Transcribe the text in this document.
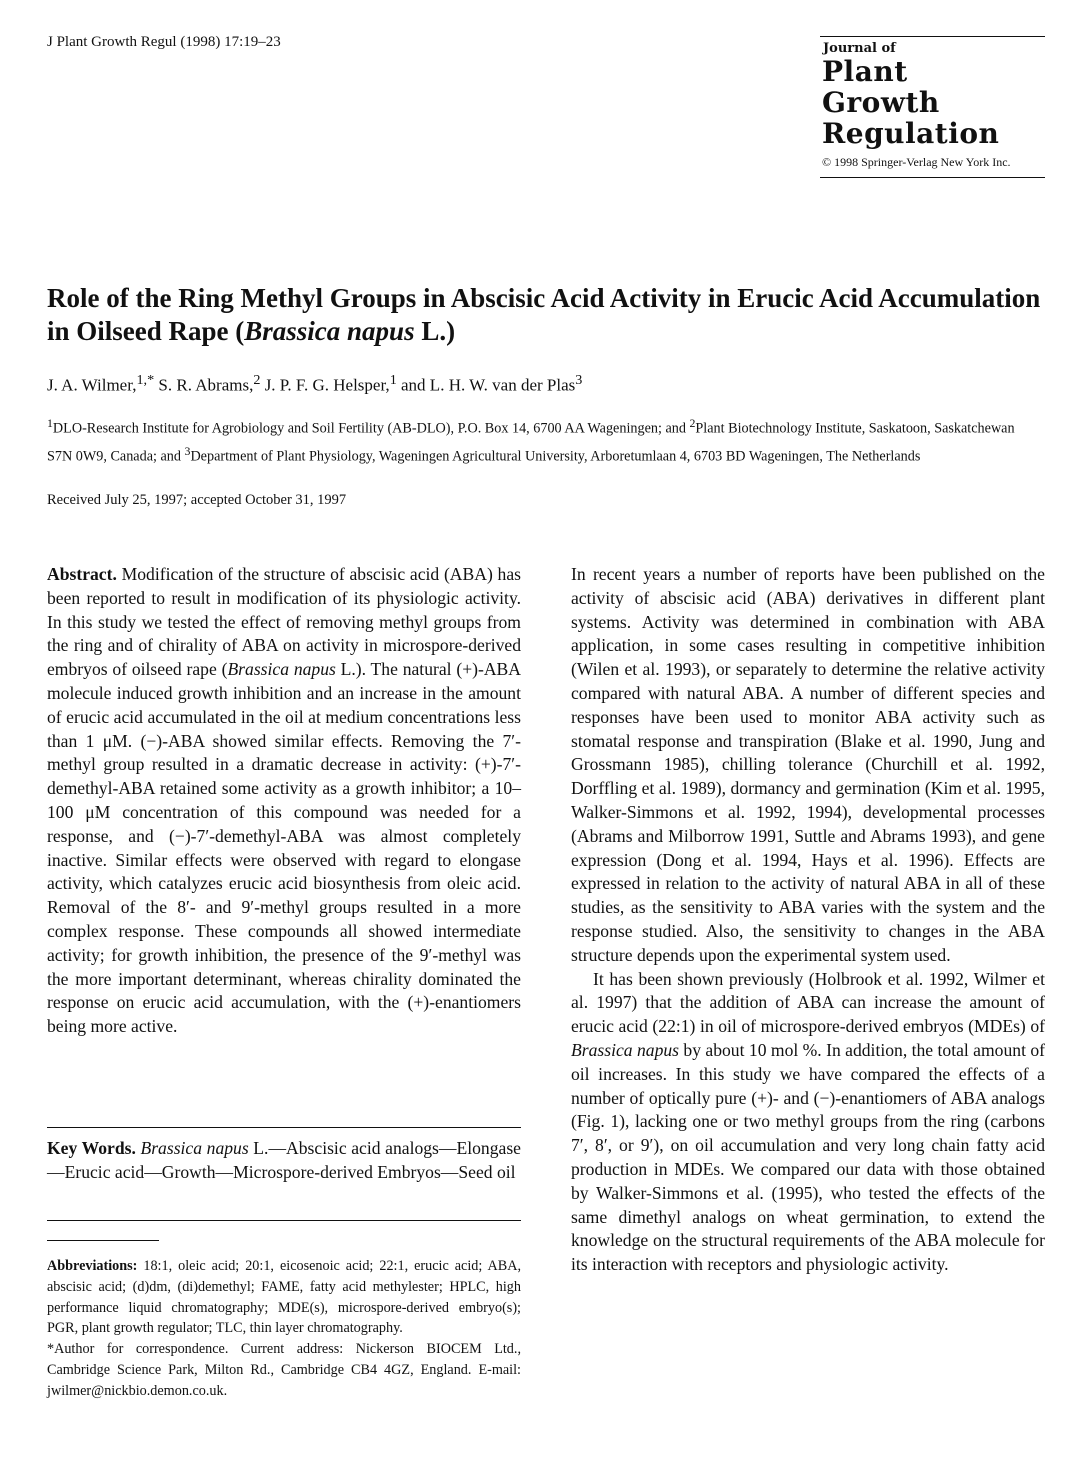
J Plant Growth Regul (1998) 17:19–23	Journal of
Plant
Growth
Regulation
© 1998 Springer-Verlag New York Inc.
Role of the Ring Methyl Groups in Abscisic Acid Activity in Erucic Acid Accumulation in Oilseed Rape (Brassica napus L.)
J. A. Wilmer,$^{1,*}$ S. R. Abrams,$^2$ J. P. F. G. Helsper,$^1$ and L. H. W. van der Plas$^3$
$^1$DLO-Research Institute for Agrobiology and Soil Fertility (AB-DLO), P.O. Box 14, 6700 AA Wageningen; and $^2$Plant Biotechnology Institute, Saskatoon, Saskatchewan S7N 0W9, Canada; and $^3$Department of Plant Physiology, Wageningen Agricultural University, Arboretumlaan 4, 6703 BD Wageningen, The Netherlands
Received July 25, 1997; accepted October 31, 1997

Abstract. Modification of the structure of abscisic acid (ABA) has been reported to result in modification of its physiologic activity. In this study we tested the effect of removing methyl groups from the ring and of chirality of ABA on activity in microspore-derived embryos of oilseed rape (Brassica napus L.). The natural (+)-ABA molecule induced growth inhibition and an increase in the amount of erucic acid accumulated in the oil at medium concentrations less than 1 μM. (−)-ABA showed similar effects. Removing the 7′-methyl group resulted in a dramatic decrease in activity: (+)-7′-demethyl-ABA retained some activity as a growth inhibitor; a 10–100 μM concentration of this compound was needed for a response, and (−)-7′-demethyl-ABA was almost completely inactive. Similar effects were observed with regard to elongase activity, which catalyzes erucic acid biosynthesis from oleic acid. Removal of the 8′- and 9′-methyl groups resulted in a more complex response. These compounds all showed intermediate activity; for growth inhibition, the presence of the 9′-methyl was the more important determinant, whereas chirality dominated the response on erucic acid accumulation, with the (+)-enantiomers being more active.

Key Words. Brassica napus L.—Abscisic acid analogs—Elongase—Erucic acid—Growth—Microspore-derived Embryos—Seed oil

Abbreviations: 18:1, oleic acid; 20:1, eicosenoic acid; 22:1, erucic acid; ABA, abscisic acid; (d)dm, (di)demethyl; FAME, fatty acid methylester; HPLC, high performance liquid chromatography; MDE(s), microspore-derived embryo(s); PGR, plant growth regulator; TLC, thin layer chromatography.

*Author for correspondence. Current address: Nickerson BIOCEM Ltd., Cambridge Science Park, Milton Rd., Cambridge CB4 4GZ, England. E-mail: jwilmer@nickbio.demon.co.uk.

In recent years a number of reports have been published on the activity of abscisic acid (ABA) derivatives in different plant systems. Activity was determined in combination with ABA application, in some cases resulting in competitive inhibition (Wilen et al. 1993), or separately to determine the relative activity compared with natural ABA. A number of different species and responses have been used to monitor ABA activity such as stomatal response and transpiration (Blake et al. 1990, Jung and Grossmann 1985), chilling tolerance (Churchill et al. 1992, Dorffling et al. 1989), dormancy and germination (Kim et al. 1995, Walker-Simmons et al. 1992, 1994), developmental processes (Abrams and Milborrow 1991, Suttle and Abrams 1993), and gene expression (Dong et al. 1994, Hays et al. 1996). Effects are expressed in relation to the activity of natural ABA in all of these studies, as the sensitivity to ABA varies with the system and the response studied. Also, the sensitivity to changes in the ABA structure depends upon the experimental system used.

It has been shown previously (Holbrook et al. 1992, Wilmer et al. 1997) that the addition of ABA can increase the amount of erucic acid (22:1) in oil of microspore-derived embryos (MDEs) of Brassica napus by about 10 mol %. In addition, the total amount of oil increases. In this study we have compared the effects of a number of optically pure (+)- and (−)-enantiomers of ABA analogs (Fig. 1), lacking one or two methyl groups from the ring (carbons 7′, 8′, or 9′), on oil accumulation and very long chain fatty acid production in MDEs. We compared our data with those obtained by Walker-Simmons et al. (1995), who tested the effects of the same dimethyl analogs on wheat germination, to extend the knowledge on the structural requirements of the ABA molecule for its interaction with receptors and physiologic activity.
